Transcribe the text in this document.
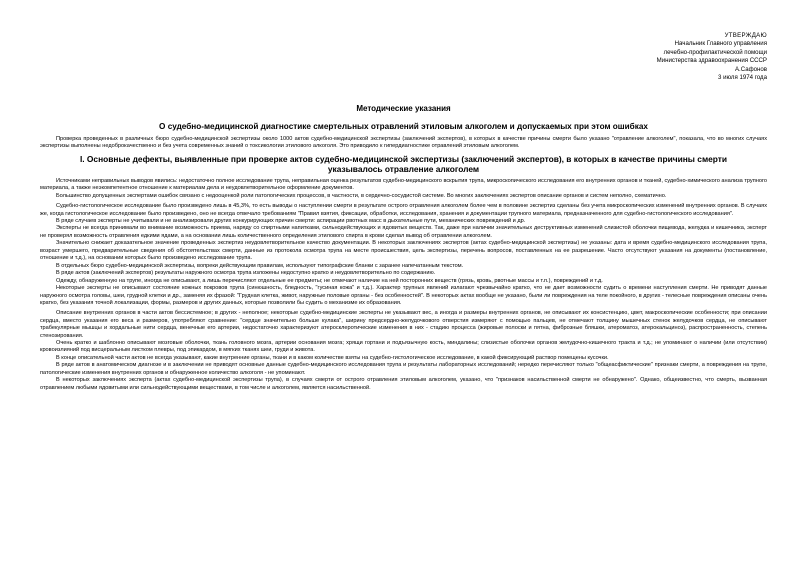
УТВЕРЖДАЮ
Начальник Главного управления
лечебно-профилактической помощи
Министерства здравоохранения СССР
А.Сафонов
3 июля 1974 года
Методические указания
О судебно-медицинской диагностике смертельных отравлений этиловым алкоголем и допускаемых при этом ошибках

Проверка проведенных в различных бюро судебно-медицинской экспертизы около 1000 актов судебно-медицинской экспертизы (заключений экспертов), в которых в качестве причины смерти было указано "отравление алкоголем", показала, что во многих случаях экспертизы выполнены недоброкачественно и без учета современных знаний о токсикологии этилового алкоголя. Это приводило к гипердиагностике отравлений этиловым алкоголем.

I. Основные дефекты, выявленные при проверке актов судебно-медицинской экспертизы (заключений экспертов), в которых в качестве причины смерти указывалось отравление алкоголем

Источниками неправильных выводов явились: недостаточно полное исследование трупа, неправильная оценка результатов судебно-медицинского вскрытия трупа, микроскопического исследования его внутренних органов и тканей, судебно-химического анализа трупного материала, а также неэкомпетентное отношение к материалам дела и неудовлетворительное оформление документов.

Большинство допущенных экспертами ошибок связано с недооценкой роли патологических процессов, в частности, в сердечно-сосудистой системе. Во многих заключениях экспертов описание органов и систем неполно, схематично.

Судебно-гистологическое исследование было произведено лишь в 45,3%, то есть выводы о наступлении смерти в результате острого отравления алкоголем более чем в половине экспертиз сделаны без учета микроскопических изменений внутренних органов. В случаях же, когда гистологическое исследование было произведено, оно не всегда отвечало требованиям "Правил взятия, фиксации, обработки, исследования, хранения и документации трупного материала, предназначенного для судебно-гистологического исследования".

В ряде случаев эксперты не учитывали и не анализировали других конкурирующих причин смерти: аспирации рвотных масс в дыхательные пути, механических повреждений и др.

Эксперты не всегда принимали во внимание возможность приема, наряду со спиртными напитками, сильнодействующих и ядовитых веществ. Так, даже при наличии значительных деструктивных изменений слизистой оболочки пищевода, желудка и кишечника, эксперт не проверял возможность отравления едкими ядами, а на основании лишь количественного определения этилового спирта в крови сделал вывод об отравлении алкоголем.

Значительно снижает доказательное значение проведенных экспертиз неудовлетворительное качество документации. В некоторых заключениях экспертов (актах судебно-медицинской экспертизы) не указаны: дата и время судебно-медицинского исследования трупа, возраст умершего, предварительные сведения об обстоятельствах смерти, данные из протокола осмотра трупа на месте происшествия, цель экспертизы, перечень вопросов, поставленных на ее разрешение. Часто отсутствуют указания на документы (постановление, отношение и т.д.), на основании которых было произведено исследование трупа.

В отдельных бюро судебно-медицинской экспертизы, вопреки действующим правилам, используют типографские бланки с заранее напечатанным текстом.

В ряде актов (заключений экспертов) результаты наружного осмотра трупа изложены недоступно кратко и неудовлетворительно по содержанию.

Одежду, обнаруженную на трупе, иногда не описывают, а лишь перечисляют отдельные ее предметы; не отмечают наличие на ней посторонних веществ (грязь, кровь, рвотные массы и т.п.), повреждений и т.д.

Некоторые эксперты не описывают состояние кожных покровов трупа (синюшность, бледность, "гусиная кожа" и т.д.). Характер трупных явлений излагают чрезвычайно кратко, что не дает возможности судить о времени наступления смерти. Не приводят данные наружного осмотра головы, шеи, грудной клетки и др., заменяя их фразой: "Грудная клетка, живот, наружные половые органы - без особенностей". В некоторых актах вообще не указано, были ли повреждения на теле покойного, в других - телесные повреждения описаны очень кратко, без указания точной локализации, формы, размеров и других данных, которые позволили бы судить о механизме их образования.

Описание внутренних органов в части актов бессистемное; в других - неполное; некоторые судебно-медицинские эксперты не указывают вес, а иногда и размеры внутренних органов, не описывают их консистенцию, цвет, макроскопические особенности; при описании сердца, вместо указания его веса и размеров, употребляют сравнение: "сердце значительно больше кулака", ширину предсердно-желудочкового отверстия измеряют с помощью пальцев, не отмечают толщину мышечных стенок желудочков сердца, не описывают трабекулярные мышцы и хордальные нити сердца, венечные его артерии, недостаточно характеризуют атеросклеротические изменения в них - стадию процесса (жировые полоски и пятна, фиброзные бляшки, атероматоз, атерокальциноз), распространенность, степень стенозирования.

Очень кратко и шаблонно описывают мозговые оболочки, ткань головного мозга, артерии основания мозга; хрящи гортани и подъязычную кость, миндалины; слизистые оболочки органов желудочно-кишечного тракта и т.д.; не упоминают о наличии (или отсутствии) кровоизлияний под висцеральным листком плевры, под эпикардом, в мягких тканях шеи, груди и живота.

В конце описательной части актов не всегда указывают, какие внутренние органы, ткани и в каком количестве взяты на судебно-гистологическое исследование, в какой фиксирующий раствор помещены кусочки.

В ряде актов в анатомическом диагнозе и в заключении не приводят основные данные судебно-медицинского исследования трупа и результаты лабораторных исследований; нередко перечисляют только "общеасфиктические" признаки смерти, а повреждения на трупе, патологические изменения внутренних органов и обнаруженное количество алкоголя - не упоминают.

В некоторых заключениях эксперта (актах судебно-медицинской экспертизы трупа), в случаях смерти от острого отравления этиловым алкоголем, указано, что "признаков насильственной смерти не обнаружено". Однако, общеизвестно, что смерть, вызванная отравлением любыми ядовитыми или сильнодействующими веществами, в том числе и алкоголем, является насильственной.
